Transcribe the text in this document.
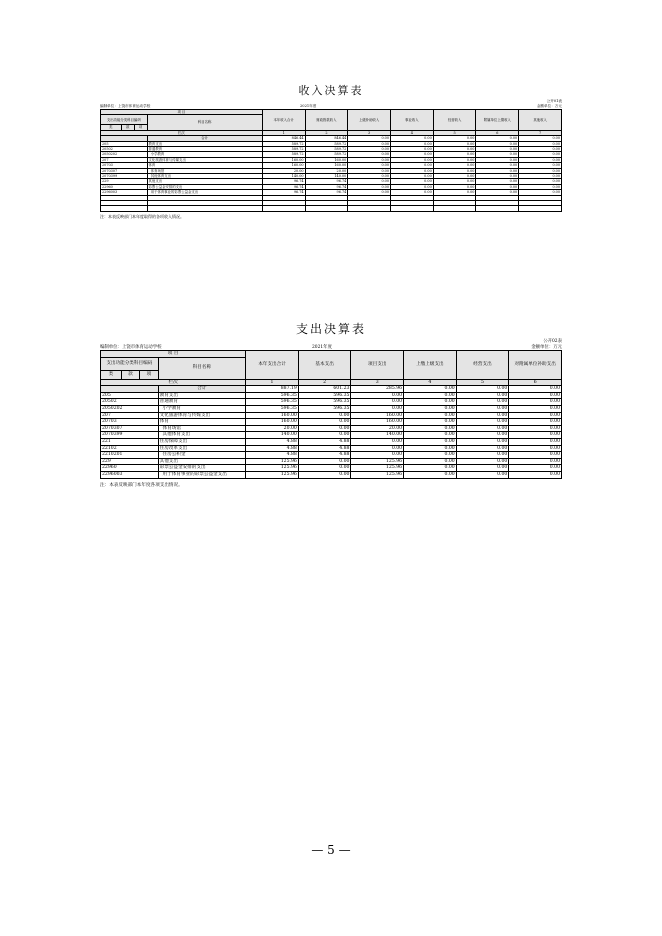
收入决算表
公开01表
编制单位：上饶市体育运动学校	2021年度	金额单位：万元
项 目				本年收入合计	财政拨款收入	上级补助收入	事业收入	经营收入	附属单位上缴收入	其他收入
支出功能分类科目编码			科目名称							
类	款	项								
栏次				1	2	3	4	5	6	7
			合计	846.44	846.44	0.00	0.00	0.00	0.00	0.00
205			教育支出	589.72	589.72	0.00	0.00	0.00	0.00	0.00
20502			普通教育	589.72	589.72	0.00	0.00	0.00	0.00	0.00
2050202			小学教育	589.72	589.72	0.00	0.00	0.00	0.00	0.00
207			文化旅游体育与传媒支出	160.00	160.00	0.00	0.00	0.00	0.00	0.00
20703			体育	160.00	160.00	0.00	0.00	0.00	0.00	0.00
2070307			体育场馆	20.00	20.00	0.00	0.00	0.00	0.00	0.00
2070399			其他体育支出	140.00	140.00	0.00	0.00	0.00	0.00	0.00
229			其他支出	96.74	96.74	0.00	0.00	0.00	0.00	0.00
22960			彩票公益金安排的支出	96.74	96.74	0.00	0.00	0.00	0.00	0.00
2296003			用于体育事业的彩票公益金支出	96.74	96.74	0.00	0.00	0.00	0.00	0.00

注：本表反映部门本年度取得的各项收入情况。
支出决算表
公开02表
编制单位：上饶市体育运动学校	2021年度	金额单位：万元
项 目				本年支出合计	基本支出	项目支出	上缴上级支出	经营支出	对附属单位补助支出
支出功能分类科目编码			科目名称						
类	款	项							
栏次				1	2	3	4	5	6
			合计	887.19	601.23	285.96	0.00	0.00	0.00
205			教育支出	596.35	596.35	0.00	0.00	0.00	0.00
20502			普通教育	596.35	596.35	0.00	0.00	0.00	0.00
2050202			小学教育	596.35	596.35	0.00	0.00	0.00	0.00
207			文化旅游体育与传媒支出	160.00	0.00	160.00	0.00	0.00	0.00
20703			体育	160.00	0.00	160.00	0.00	0.00	0.00
2070307			体育场馆	20.00	0.00	20.00	0.00	0.00	0.00
2070399			其他体育支出	140.00	0.00	140.00	0.00	0.00	0.00
221			住房保障支出	4.88	4.88	0.00	0.00	0.00	0.00
22102			住房改革支出	4.88	4.88	0.00	0.00	0.00	0.00
2210201			住房公积金	4.88	4.88	0.00	0.00	0.00	0.00
229			其他支出	125.96	0.00	125.96	0.00	0.00	0.00
22960			彩票公益金安排的支出	125.96	0.00	125.96	0.00	0.00	0.00
2296003			用于体育事业的彩票公益金支出	125.96	0.00	125.96	0.00	0.00	0.00
注：本表反映部门本年度各项支出情况。
— 5 —
